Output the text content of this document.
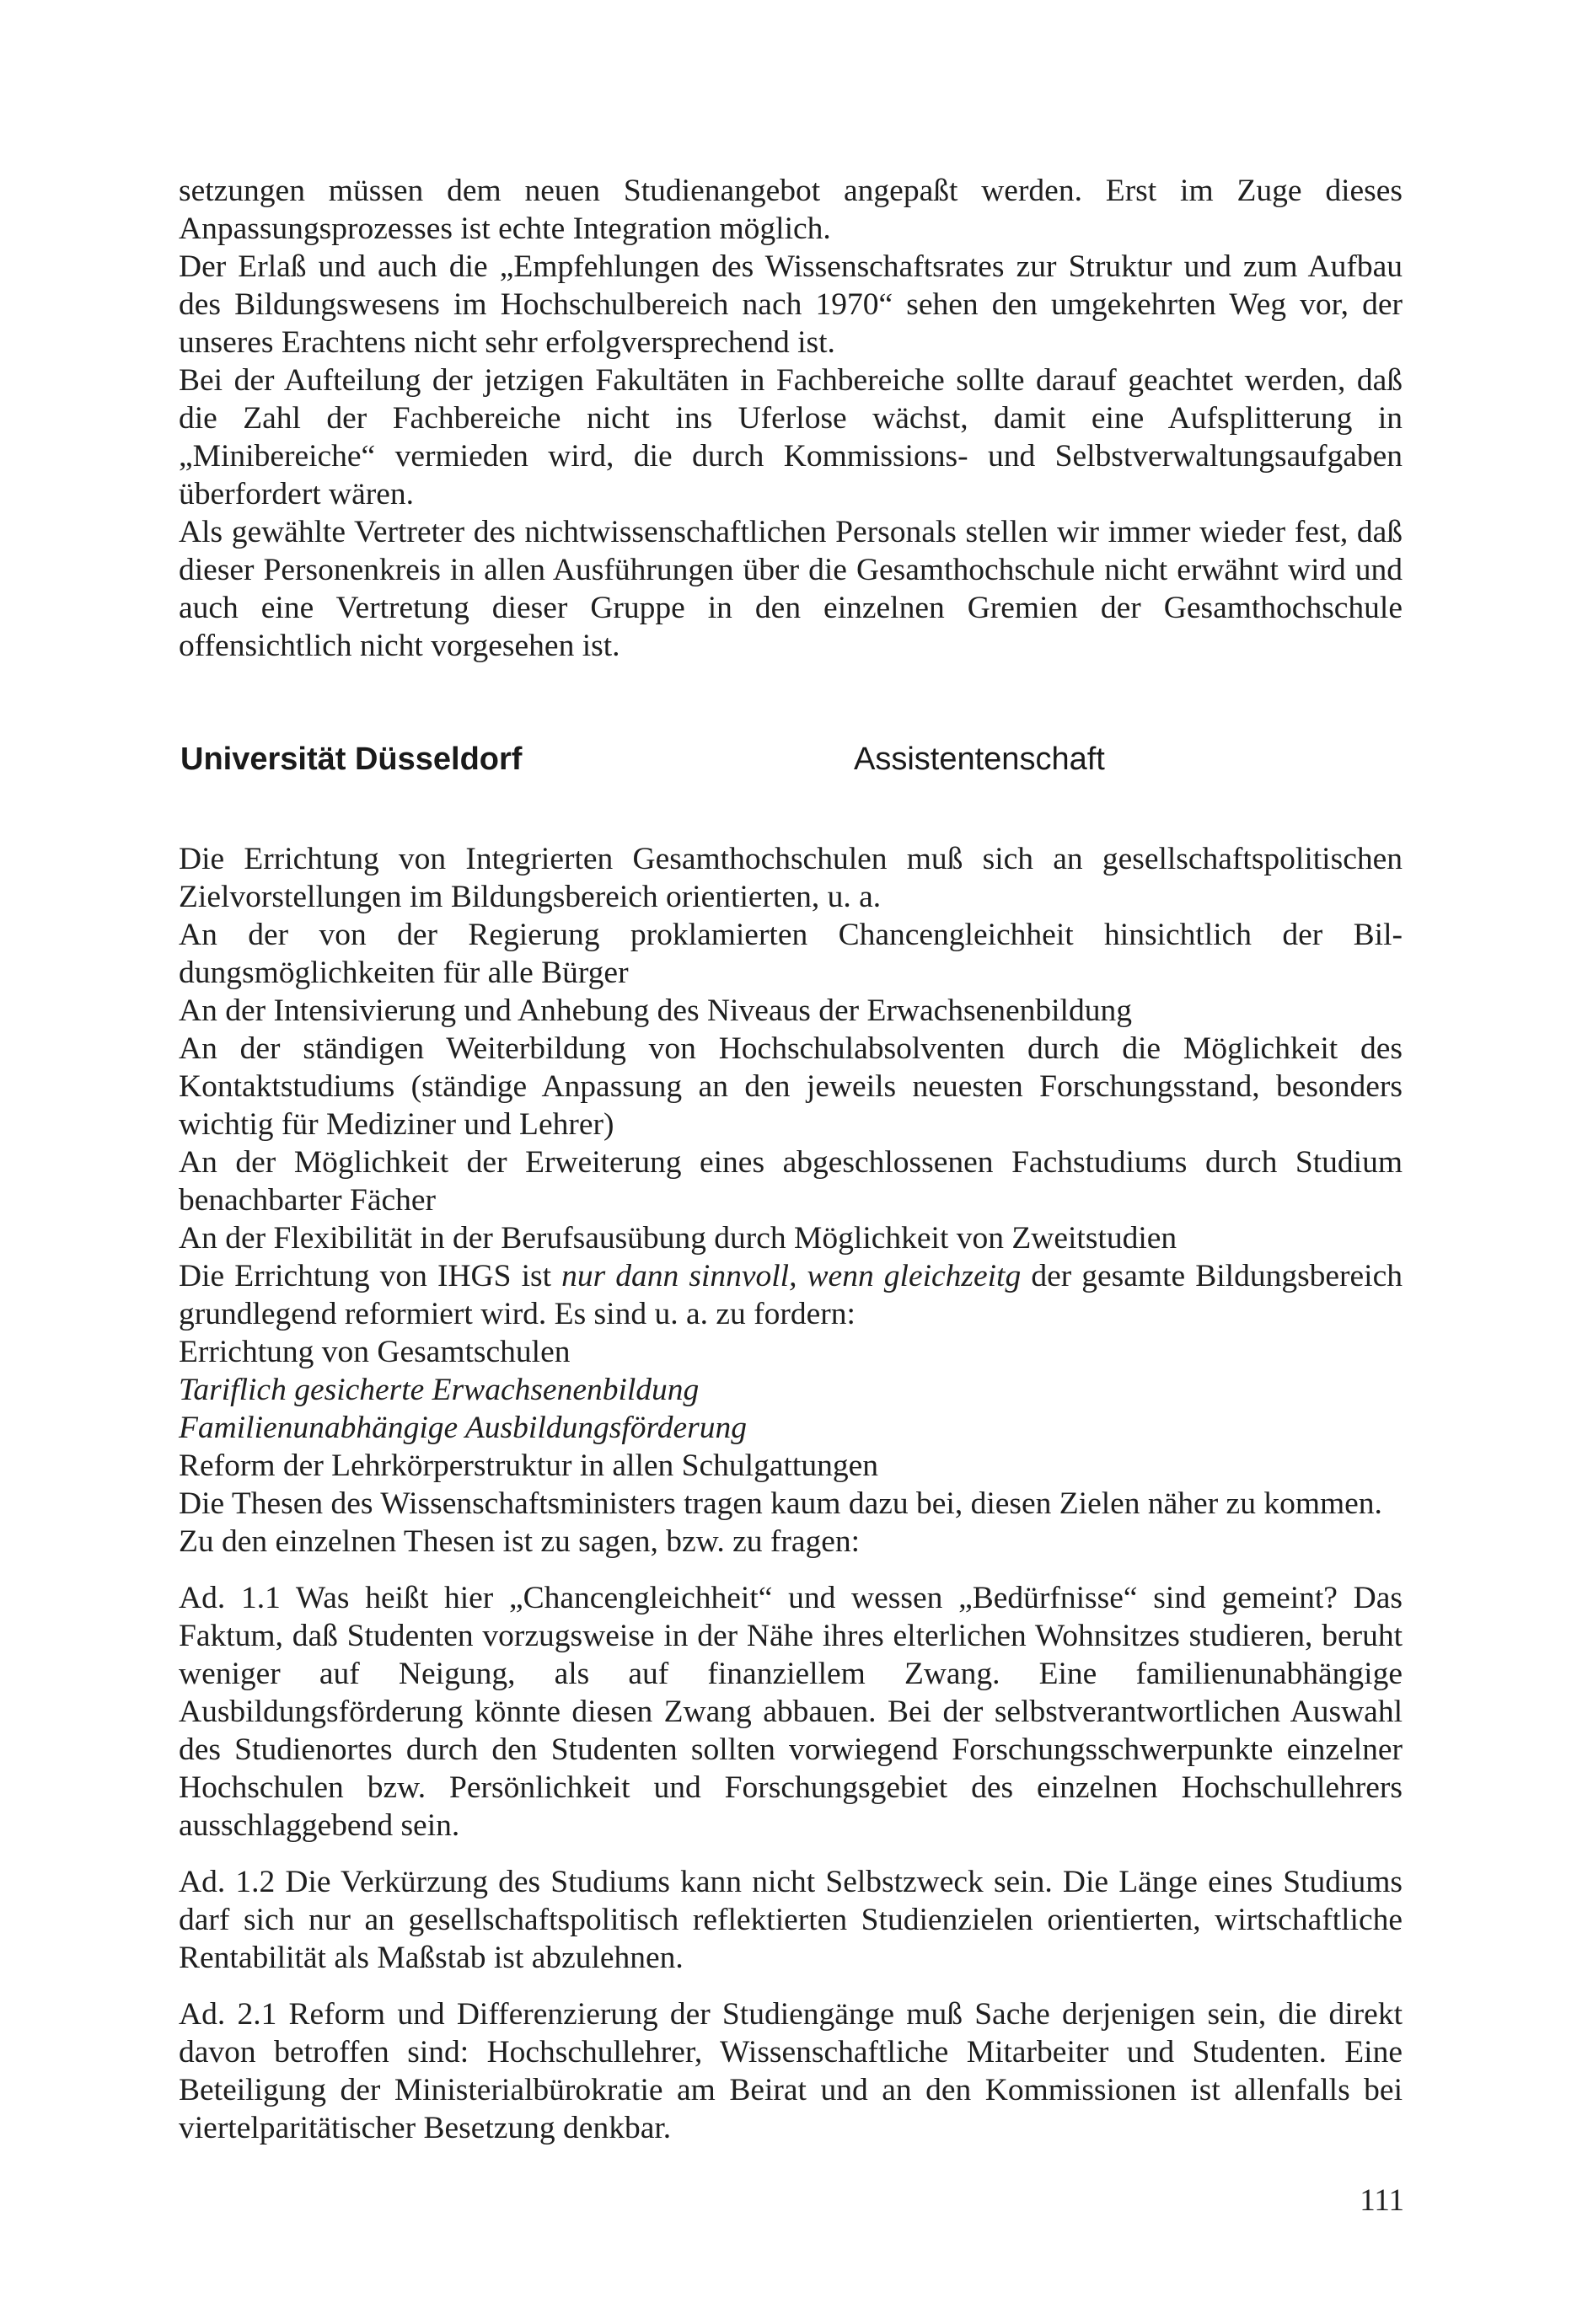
setzungen müssen dem neuen Studienangebot angepaßt werden. Erst im Zuge dieses Anpassungsprozesses ist echte Integration möglich.

Der Erlaß und auch die „Empfehlungen des Wissenschaftsrates zur Struktur und zum Aufbau des Bildungswesens im Hochschulbereich nach 1970“ sehen den umgekehrten Weg vor, der unseres Erachtens nicht sehr erfolgversprechend ist.

Bei der Aufteilung der jetzigen Fakultäten in Fachbereiche sollte darauf geachtet werden, daß die Zahl der Fachbereiche nicht ins Uferlose wächst, damit eine Aufsplitterung in „Minibereiche“ vermieden wird, die durch Kommissions- und Selbstverwaltungsaufgaben überfordert wären.

Als gewählte Vertreter des nichtwissenschaftlichen Personals stellen wir immer wieder fest, daß dieser Personenkreis in allen Ausführungen über die Gesamthochschule nicht erwähnt wird und auch eine Vertretung dieser Gruppe in den einzelnen Gremien der Gesamthochschule offensichtlich nicht vorgesehen ist.

Universität Düsseldorf	Assistentenschaft

Die Errichtung von Integrierten Gesamthochschulen muß sich an gesellschaftspolitischen Zielvorstellungen im Bildungsbereich orientierten, u. a.

An der von der Regierung proklamierten Chancengleichheit hinsichtlich der Bildungsmöglichkeiten für alle Bürger

An der Intensivierung und Anhebung des Niveaus der Erwachsenenbildung

An der ständigen Weiterbildung von Hochschulabsolventen durch die Möglichkeit des Kontaktstudiums (ständige Anpassung an den jeweils neuesten Forschungsstand, besonders wichtig für Mediziner und Lehrer)

An der Möglichkeit der Erweiterung eines abgeschlossenen Fachstudiums durch Studium benachbarter Fächer

An der Flexibilität in der Berufsausübung durch Möglichkeit von Zweitstudien

Die Errichtung von IHGS ist nur dann sinnvoll, wenn gleichzeitg der gesamte Bildungsbereich grundlegend reformiert wird. Es sind u. a. zu fordern:

Errichtung von Gesamtschulen

Tariflich gesicherte Erwachsenenbildung

Familienunabhängige Ausbildungsförderung

Reform der Lehrkörperstruktur in allen Schulgattungen

Die Thesen des Wissenschaftsministers tragen kaum dazu bei, diesen Zielen näher zu kommen.

Zu den einzelnen Thesen ist zu sagen, bzw. zu fragen:

Ad. 1.1 Was heißt hier „Chancengleichheit“ und wessen „Bedürfnisse“ sind gemeint? Das Faktum, daß Studenten vorzugsweise in der Nähe ihres elterlichen Wohnsitzes studieren, beruht weniger auf Neigung, als auf finanziellem Zwang. Eine familienunabhängige Ausbildungsförderung könnte diesen Zwang abbauen. Bei der selbstverantwortlichen Auswahl des Studienortes durch den Studenten sollten vorwiegend Forschungsschwerpunkte einzelner Hochschulen bzw. Persönlichkeit und Forschungsgebiet des einzelnen Hochschullehrers ausschlaggebend sein.

Ad. 1.2 Die Verkürzung des Studiums kann nicht Selbstzweck sein. Die Länge eines Studiums darf sich nur an gesellschaftspolitisch reflektierten Studienzielen orientierten, wirtschaftliche Rentabilität als Maßstab ist abzulehnen.

Ad. 2.1 Reform und Differenzierung der Studiengänge muß Sache derjenigen sein, die direkt davon betroffen sind: Hochschullehrer, Wissenschaftliche Mitarbeiter und Studenten. Eine Beteiligung der Ministerialbürokratie am Beirat und an den Kommissionen ist allenfalls bei viertelparitätischer Besetzung denkbar.

111
